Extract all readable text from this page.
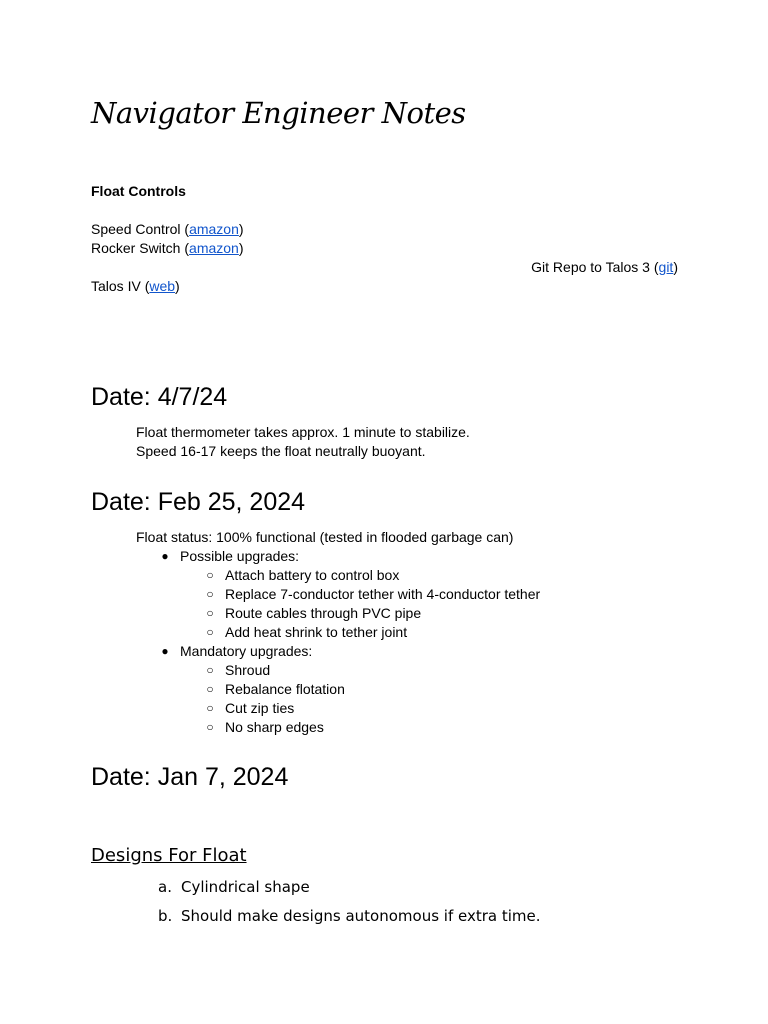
Navigator Engineer Notes
Float Controls
Speed Control (amazon)
Rocker Switch (amazon)
Git Repo to Talos 3 (git)
Talos IV (web)
Date: 4/7/24
Float thermometer takes approx. 1 minute to stabilize.
Speed 16-17 keeps the float neutrally buoyant.
Date: Feb 25, 2024
Float status: 100% functional (tested in flooded garbage can)
● Possible upgrades:
○ Attach battery to control box
○ Replace 7-conductor tether with 4-conductor tether
○ Route cables through PVC pipe
○ Add heat shrink to tether joint
● Mandatory upgrades:
○ Shroud
○ Rebalance flotation
○ Cut zip ties
○ No sharp edges
Date: Jan 7, 2024
Designs For Float
a. Cylindrical shape
b. Should make designs autonomous if extra time.
